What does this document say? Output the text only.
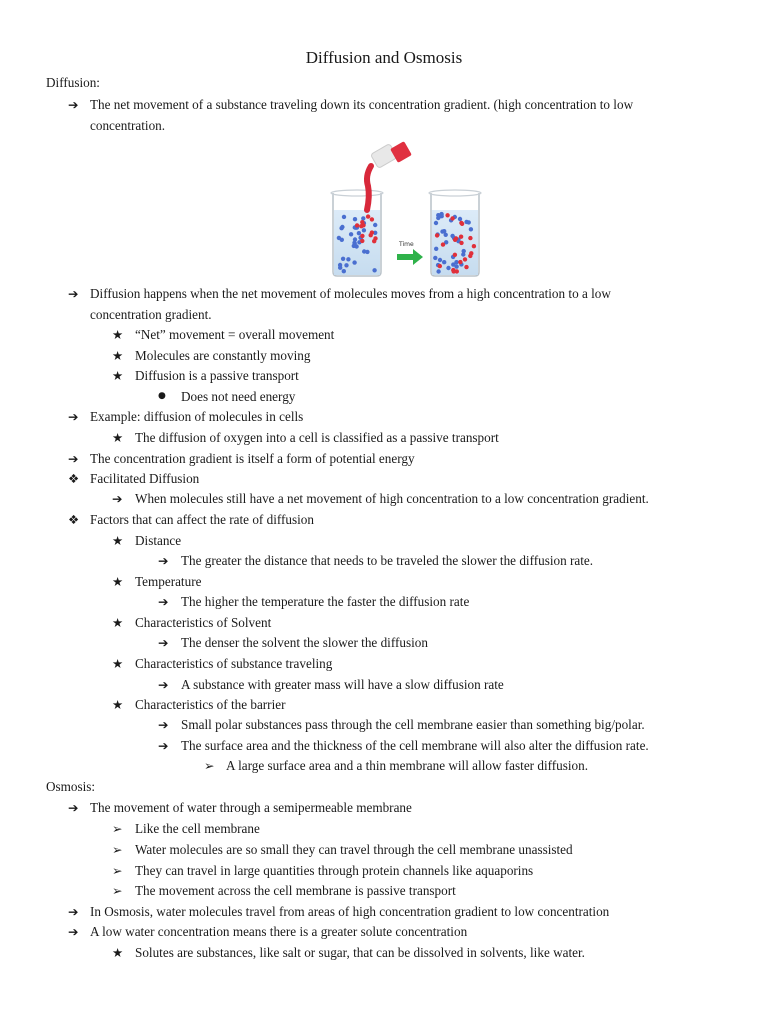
Diffusion and Osmosis
Diffusion:
➔ The net movement of a substance traveling down its concentration gradient. (high concentration to low
concentration.
➔ Diffusion happens when the net movement of molecules moves from a high concentration to a low
concentration gradient.
★ “Net” movement = overall movement
★ Molecules are constantly moving
★ Diffusion is a passive transport
● Does not need energy
➔ Example: diffusion of molecules in cells
★ The diffusion of oxygen into a cell is classified as a passive transport
➔ The concentration gradient is itself a form of potential energy
❖ Facilitated Diffusion
➔ When molecules still have a net movement of high concentration to a low concentration gradient.
❖ Factors that can affect the rate of diffusion
★ Distance
➔ The greater the distance that needs to be traveled the slower the diffusion rate.
★ Temperature
➔ The higher the temperature the faster the diffusion rate
★ Characteristics of Solvent
➔ The denser the solvent the slower the diffusion
★ Characteristics of substance traveling
➔ A substance with greater mass will have a slow diffusion rate
★ Characteristics of the barrier
➔ Small polar substances pass through the cell membrane easier than something big/polar.
➔ The surface area and the thickness of the cell membrane will also alter the diffusion rate.
➢ A large surface area and a thin membrane will allow faster diffusion.
Osmosis:
➔ The movement of water through a semipermeable membrane
➢ Like the cell membrane
➢ Water molecules are so small they can travel through the cell membrane unassisted
➢ They can travel in large quantities through protein channels like aquaporins
➢ The movement across the cell membrane is passive transport
➔ In Osmosis, water molecules travel from areas of high concentration gradient to low concentration
➔ A low water concentration means there is a greater solute concentration
★ Solutes are substances, like salt or sugar, that can be dissolved in solvents, like water.
Time
